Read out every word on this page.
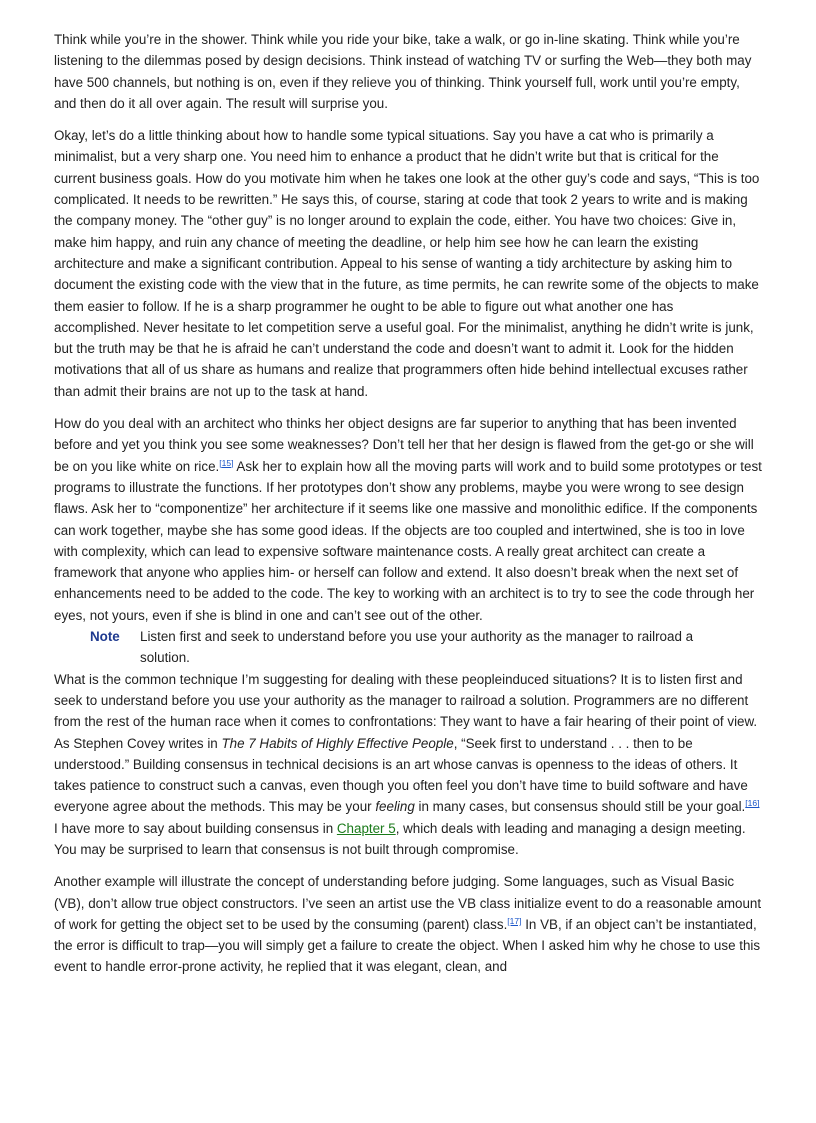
Think while you’re in the shower. Think while you ride your bike, take a walk, or go in-line skating. Think while you’re listening to the dilemmas posed by design decisions. Think instead of watching TV or surfing the Web—they both may have 500 channels, but nothing is on, even if they relieve you of thinking. Think yourself full, work until you’re empty, and then do it all over again. The result will surprise you.

Okay, let’s do a little thinking about how to handle some typical situations. Say you have a cat who is primarily a minimalist, but a very sharp one. You need him to enhance a product that he didn’t write but that is critical for the current business goals. How do you motivate him when he takes one look at the other guy’s code and says, “This is too complicated. It needs to be rewritten.” He says this, of course, staring at code that took 2 years to write and is making the company money. The “other guy” is no longer around to explain the code, either. You have two choices: Give in, make him happy, and ruin any chance of meeting the deadline, or help him see how he can learn the existing architecture and make a significant contribution. Appeal to his sense of wanting a tidy architecture by asking him to document the existing code with the view that in the future, as time permits, he can rewrite some of the objects to make them easier to follow. If he is a sharp programmer he ought to be able to figure out what another one has accomplished. Never hesitate to let competition serve a useful goal. For the minimalist, anything he didn’t write is junk, but the truth may be that he is afraid he can’t understand the code and doesn’t want to admit it. Look for the hidden motivations that all of us share as humans and realize that programmers often hide behind intellectual excuses rather than admit their brains are not up to the task at hand.

How do you deal with an architect who thinks her object designs are far superior to anything that has been invented before and yet you think you see some weaknesses? Don’t tell her that her design is flawed from the get-go or she will be on you like white on rice.[15] Ask her to explain how all the moving parts will work and to build some prototypes or test programs to illustrate the functions. If her prototypes don’t show any problems, maybe you were wrong to see design flaws. Ask her to “componentize” her architecture if it seems like one massive and monolithic edifice. If the components can work together, maybe she has some good ideas. If the objects are too coupled and intertwined, she is too in love with complexity, which can lead to expensive software maintenance costs. A really great architect can create a framework that anyone who applies him- or herself can follow and extend. It also doesn’t break when the next set of enhancements need to be added to the code. The key to working with an architect is to try to see the code through her eyes, not yours, even if she is blind in one and can’t see out of the other.

Note	Listen first and seek to understand before you use your authority as the manager to railroad a solution.

What is the common technique I’m suggesting for dealing with these peopleinduced situations? It is to listen first and seek to understand before you use your authority as the manager to railroad a solution. Programmers are no different from the rest of the human race when it comes to confrontations: They want to have a fair hearing of their point of view. As Stephen Covey writes in The 7 Habits of Highly Effective People, “Seek first to understand . . . then to be understood.” Building consensus in technical decisions is an art whose canvas is openness to the ideas of others. It takes patience to construct such a canvas, even though you often feel you don’t have time to build software and have everyone agree about the methods. This may be your feeling in many cases, but consensus should still be your goal.[16] I have more to say about building consensus in Chapter 5, which deals with leading and managing a design meeting. You may be surprised to learn that consensus is not built through compromise.

Another example will illustrate the concept of understanding before judging. Some languages, such as Visual Basic (VB), don’t allow true object constructors. I’ve seen an artist use the VB class initialize event to do a reasonable amount of work for getting the object set to be used by the consuming (parent) class.[17] In VB, if an object can’t be instantiated, the error is difficult to trap—you will simply get a failure to create the object. When I asked him why he chose to use this event to handle error-prone activity, he replied that it was elegant, clean, and
